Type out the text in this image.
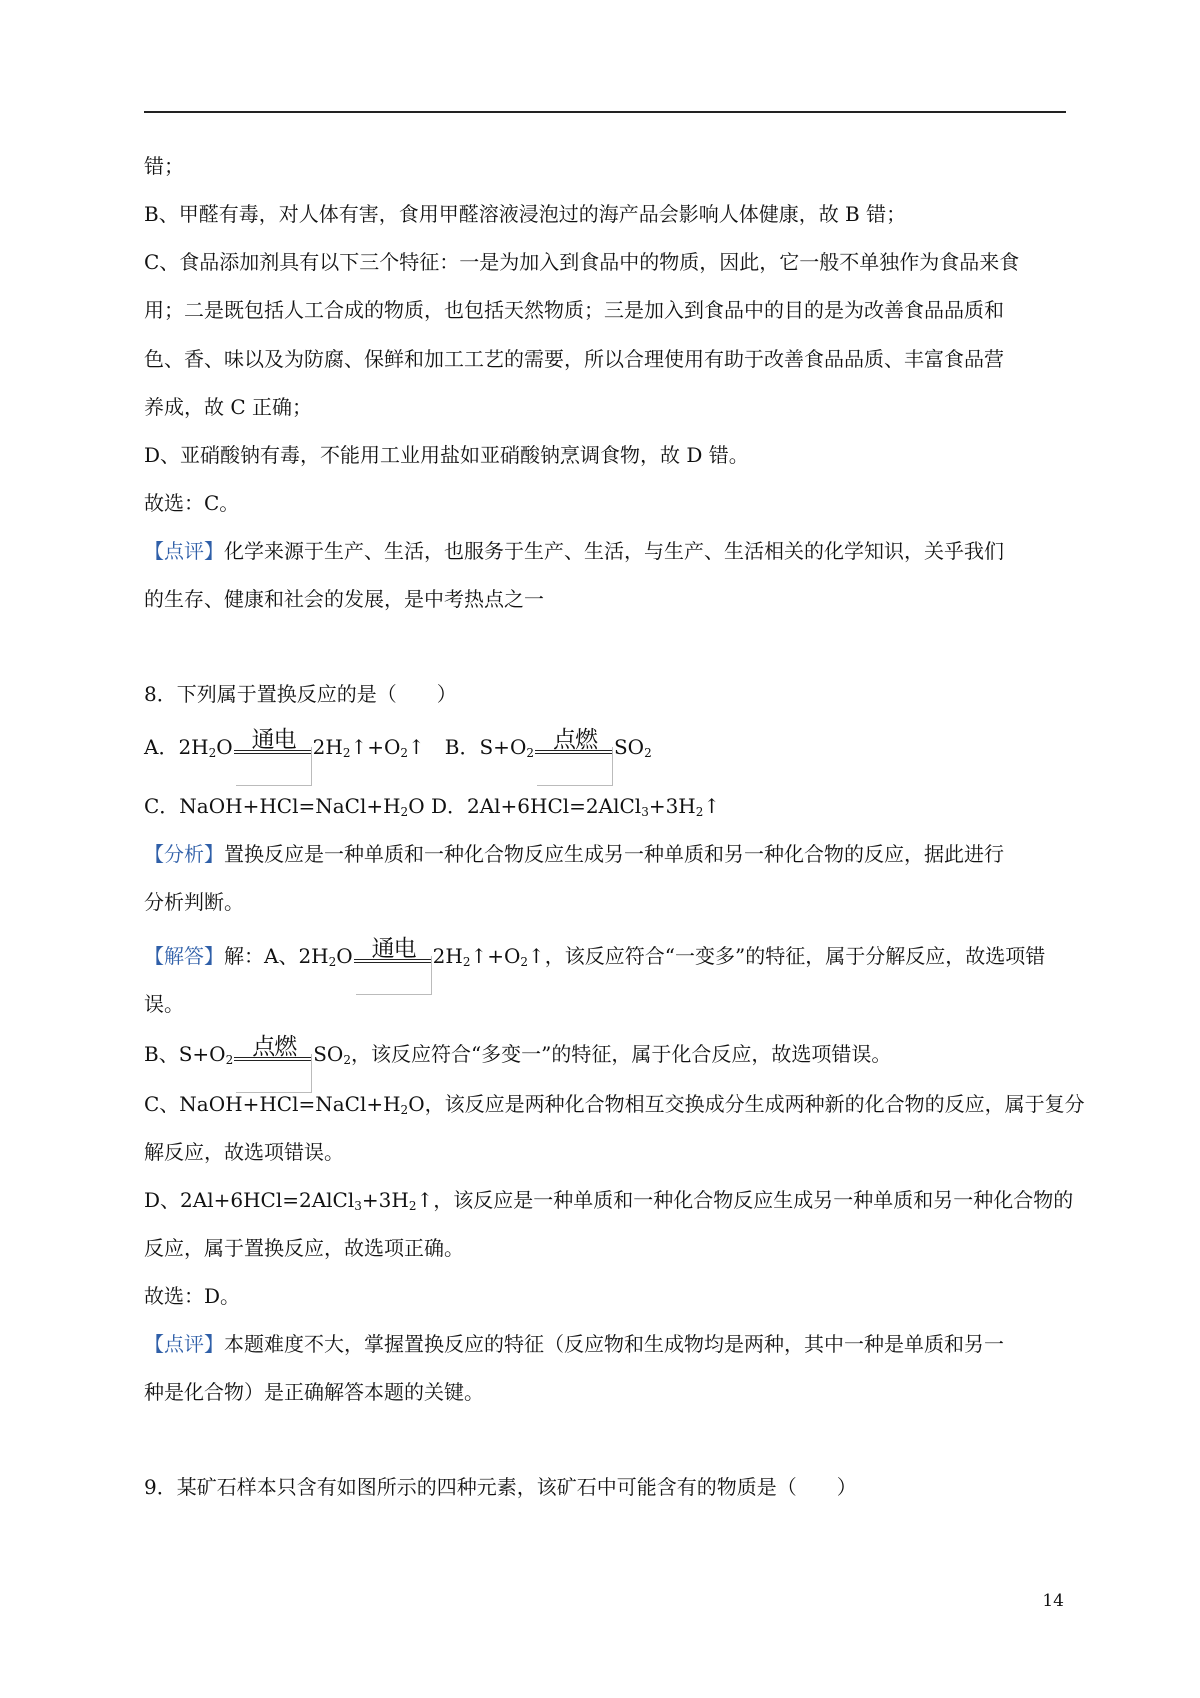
错；
B、甲醛有毒，对人体有害，食用甲醛溶液浸泡过的海产品会影响人体健康，故 B 错；
C、食品添加剂具有以下三个特征：一是为加入到食品中的物质，因此，它一般不单独作为食品来食
用；二是既包括人工合成的物质，也包括天然物质；三是加入到食品中的目的是为改善食品品质和
色、香、味以及为防腐、保鲜和加工工艺的需要，所以合理使用有助于改善食品品质、丰富食品营
养成，故 C 正确；
D、亚硝酸钠有毒，不能用工业用盐如亚硝酸钠烹调食物，故 D 错。
故选：C。
【点评】化学来源于生产、生活，也服务于生产、生活，与生产、生活相关的化学知识，关乎我们
的生存、健康和社会的发展，是中考热点之一
8．下列属于置换反应的是（　　）
A．$2H_2O$ 通电 $2H_2↑+O_2↑$　B．$S+O_2$ 点燃 $SO_2$
C．$NaOH+HCl=NaCl+H_2O$ D．$2Al+6HCl=2AlCl_3+3H_2↑$
【分析】置换反应是一种单质和一种化合物反应生成另一种单质和另一种化合物的反应，据此进行
分析判断。
【解答】解：A、$2H_2O$ 通电 $2H_2↑+O_2↑$，该反应符合“一变多”的特征，属于分解反应，故选项错
误。
B、$S+O_2$ 点燃 $SO_2$，该反应符合“多变一”的特征，属于化合反应，故选项错误。
C、$NaOH+HCl=NaCl+H_2O$，该反应是两种化合物相互交换成分生成两种新的化合物的反应，属于复分
解反应，故选项错误。
D、$2Al+6HCl=2AlCl_3+3H_2↑$，该反应是一种单质和一种化合物反应生成另一种单质和另一种化合物的
反应，属于置换反应，故选项正确。
故选：D。
【点评】本题难度不大，掌握置换反应的特征（反应物和生成物均是两种，其中一种是单质和另一
种是化合物）是正确解答本题的关键。
9．某矿石样本只含有如图所示的四种元素，该矿石中可能含有的物质是（　　）
14
